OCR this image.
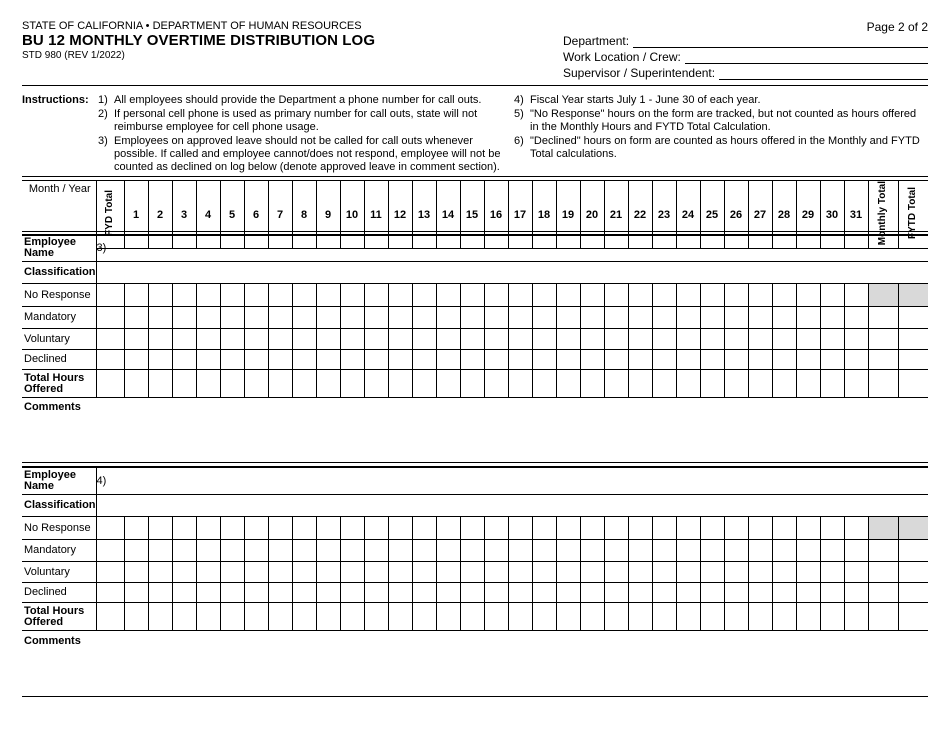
STATE OF CALIFORNIA • DEPARTMENT OF HUMAN RESOURCES
BU 12 MONTHLY OVERTIME DISTRIBUTION LOG
STD 980 (REV 1/2022)
Page 2 of 2
Department:
Work Location / Crew:
Supervisor / Superintendent:
Instructions: 1) All employees should provide the Department a phone number for call outs.
2) If personal cell phone is used as primary number for call outs, state will not reimburse employee for cell phone usage.
3) Employees on approved leave should not be called for call outs whenever possible. If called and employee cannot/does not respond, employee will not be counted as declined on log below (denote approved leave in comment section).
4) Fiscal Year starts July 1 - June 30 of each year.
5) "No Response" hours on the form are tracked, but not counted as hours offered in the Monthly Hours and FYTD Total Calculation.
6) "Declined" hours on form are counted as hours offered in the Monthly and FYTD Total calculations.
Month / Year	FYD Total	1	2	3	4	5	6	7	8	9	10	11	12	13	14	15	16	17	18	19	20	21	22	23	24	25	26	27	28	29	30	31	Monthly Total	FYTD Total
Employee Name	3)																																	
Classification																																		
No Response																																		
Mandatory																																		
Voluntary																																		
Declined																																		
Total Hours Offered																																		
Comments
Employee Name	4)																																	
Classification																																		
No Response																																		
Mandatory																																		
Voluntary																																		
Declined																																		
Total Hours Offered																																		
Comments
